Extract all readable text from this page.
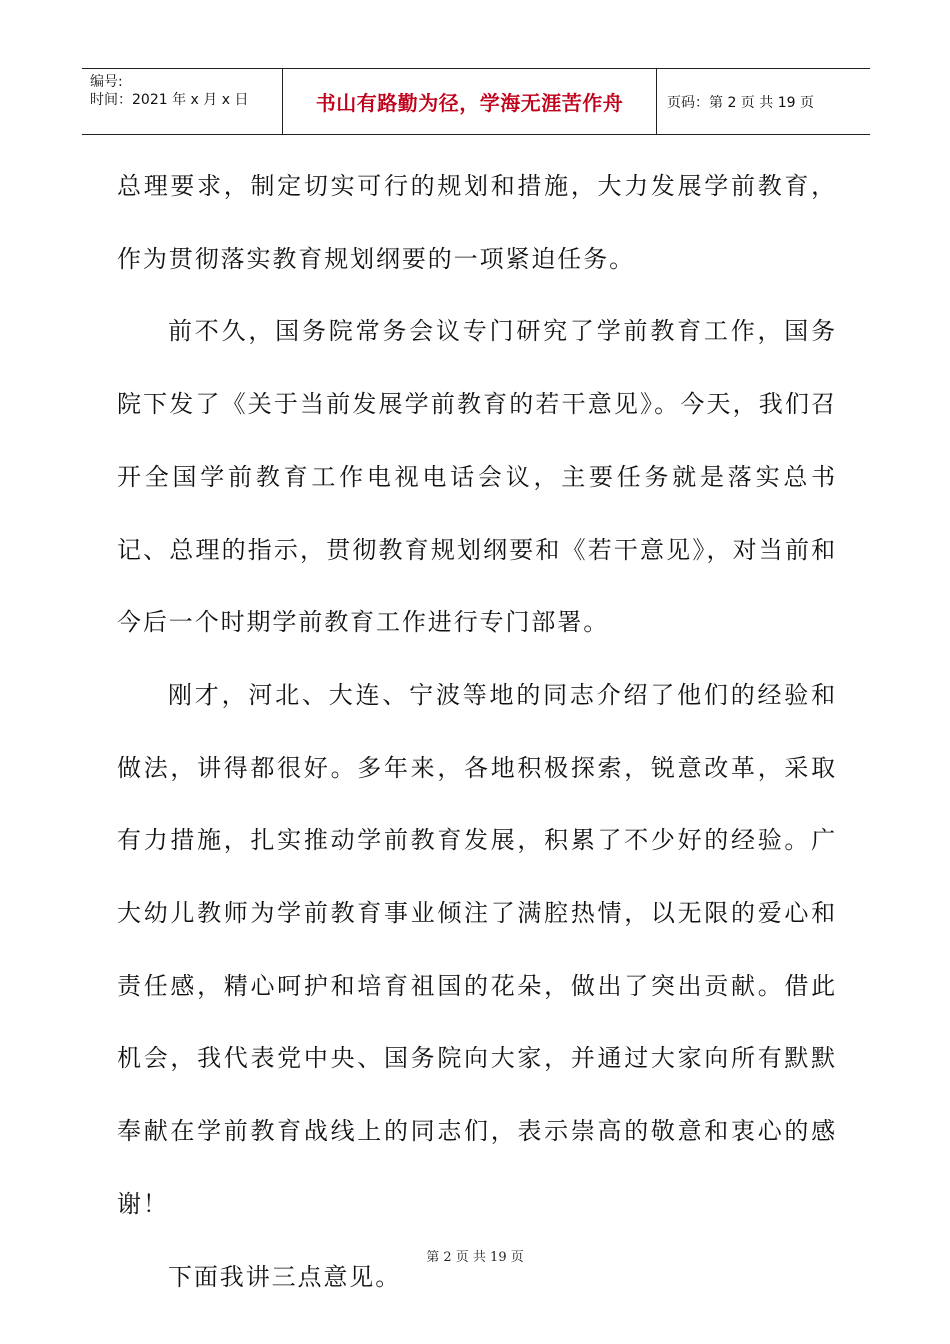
编号:
时间：2021 年 x 月 x 日	书山有路勤为径，学海无涯苦作舟	页码：第 2 页 共 19 页

总理要求，制定切实可行的规划和措施，大力发展学前教育，作为贯彻落实教育规划纲要的一项紧迫任务。

前不久，国务院常务会议专门研究了学前教育工作，国务院下发了《关于当前发展学前教育的若干意见》。今天，我们召开全国学前教育工作电视电话会议，主要任务就是落实总书记、总理的指示，贯彻教育规划纲要和《若干意见》，对当前和今后一个时期学前教育工作进行专门部署。

刚才，河北、大连、宁波等地的同志介绍了他们的经验和做法，讲得都很好。多年来，各地积极探索，锐意改革，采取有力措施，扎实推动学前教育发展，积累了不少好的经验。广大幼儿教师为学前教育事业倾注了满腔热情，以无限的爱心和责任感，精心呵护和培育祖国的花朵，做出了突出贡献。借此机会，我代表党中央、国务院向大家，并通过大家向所有默默奉献在学前教育战线上的同志们，表示崇高的敬意和衷心的感谢！

下面我讲三点意见。

第 2 页 共 19 页
